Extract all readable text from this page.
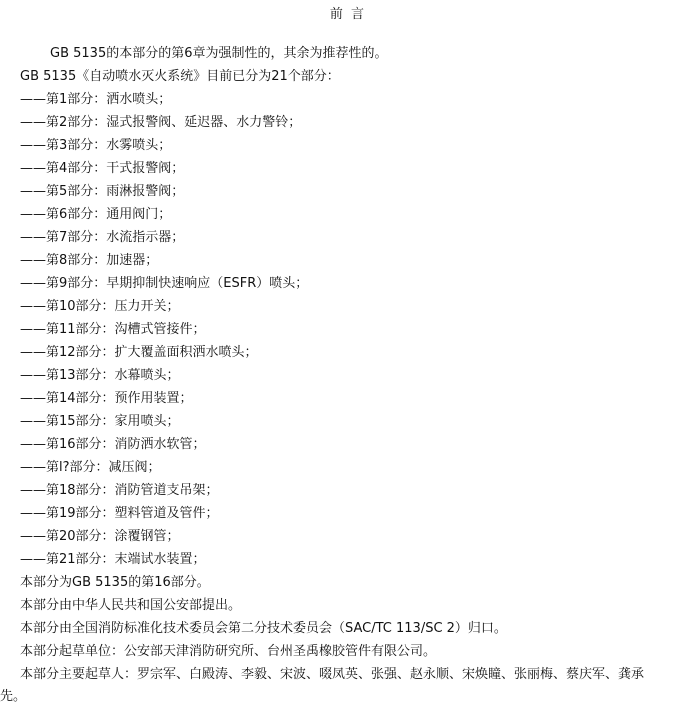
前 言
GB 5135的本部分的第6章为强制性的，其余为推荐性的。
GB 5135《自动喷水灭火系统》目前已分为21个部分：
——第1部分：洒水喷头；
——第2部分：湿式报警阀、延迟器、水力警铃；
——第3部分：水雾喷头；
——第4部分：干式报警阀；
——第5部分：雨淋报警阀；
——第6部分：通用阀门；
——第7部分：水流指示器；
——第8部分：加速器；
——第9部分：早期抑制快速响应（ESFR）喷头；
——第10部分：压力开关；
——第11部分：沟槽式管接件；
——第12部分：扩大覆盖面积洒水喷头；
——第13部分：水幕喷头；
——第14部分：预作用装置；
——第15部分：家用喷头；
——第16部分：消防洒水软管；
——第l?部分：减压阀；
——第18部分：消防管道支吊架；
——第19部分：塑料管道及管件；
——第20部分：涂覆钢管；
——第21部分：末端试水装置；
本部分为GB 5135的第16部分。
本部分由中华人民共和国公安部提出。
本部分由全国消防标准化技术委员会第二分技术委员会（SAC/TC 113/SC 2）归口。
本部分起草单位：公安部天津消防研究所、台州圣禹橡胶管件有限公司。
本部分主要起草人：罗宗军、白殿涛、李毅、宋波、啜凤英、张强、赵永顺、宋焕瞳、张丽梅、蔡庆军、龚承
先。
